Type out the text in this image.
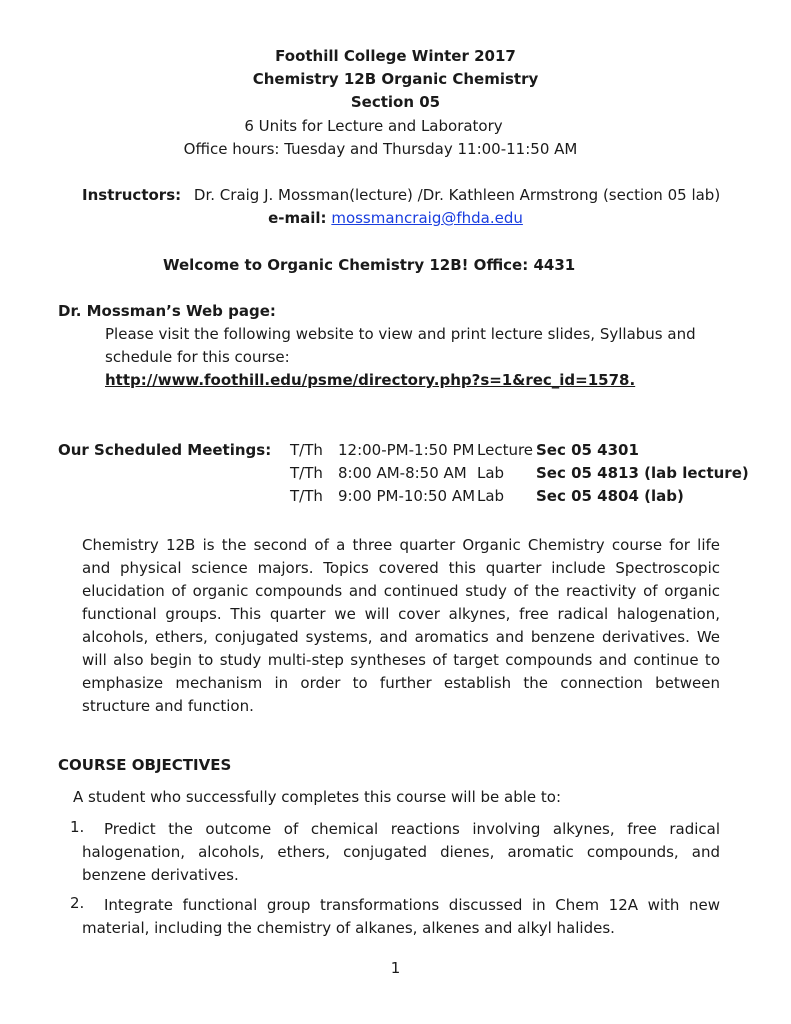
Foothill College Winter 2017
Chemistry 12B Organic Chemistry
Section 05
6 Units for Lecture and Laboratory
Office hours: Tuesday and Thursday 11:00-11:50 AM
Instructors: Dr. Craig J. Mossman(lecture) /Dr. Kathleen Armstrong (section 05 lab)
e-mail: mossmancraig@fhda.edu
Welcome to Organic Chemistry 12B! Office: 4431
Dr. Mossman’s Web page:
Please visit the following website to view and print lecture slides, Syllabus and
schedule for this course:
http://www.foothill.edu/psme/directory.php?s=1&rec_id=1578.
Our Scheduled Meetings: T/Th	12:00-PM-1:50 PM	Lecture	Sec 05 4301
T/Th	8:00 AM-8:50 AM	Lab	Sec 05 4813 (lab lecture)
T/Th	9:00 PM-10:50 AM	Lab	Sec 05 4804 (lab)
Chemistry 12B is the second of a three quarter Organic Chemistry course for life and physical science majors. Topics covered this quarter include Spectroscopic elucidation of organic compounds and continued study of the reactivity of organic functional groups. This quarter we will cover alkynes, free radical halogenation, alcohols, ethers, conjugated systems, and aromatics and benzene derivatives. We will also begin to study multi-step syntheses of target compounds and continue to emphasize mechanism in order to further establish the connection between structure and function.
COURSE OBJECTIVES
A student who successfully completes this course will be able to:
1.	Predict the outcome of chemical reactions involving alkynes, free radical halogenation, alcohols, ethers, conjugated dienes, aromatic compounds, and benzene derivatives.
2.	Integrate functional group transformations discussed in Chem 12A with new material, including the chemistry of alkanes, alkenes and alkyl halides.
1
